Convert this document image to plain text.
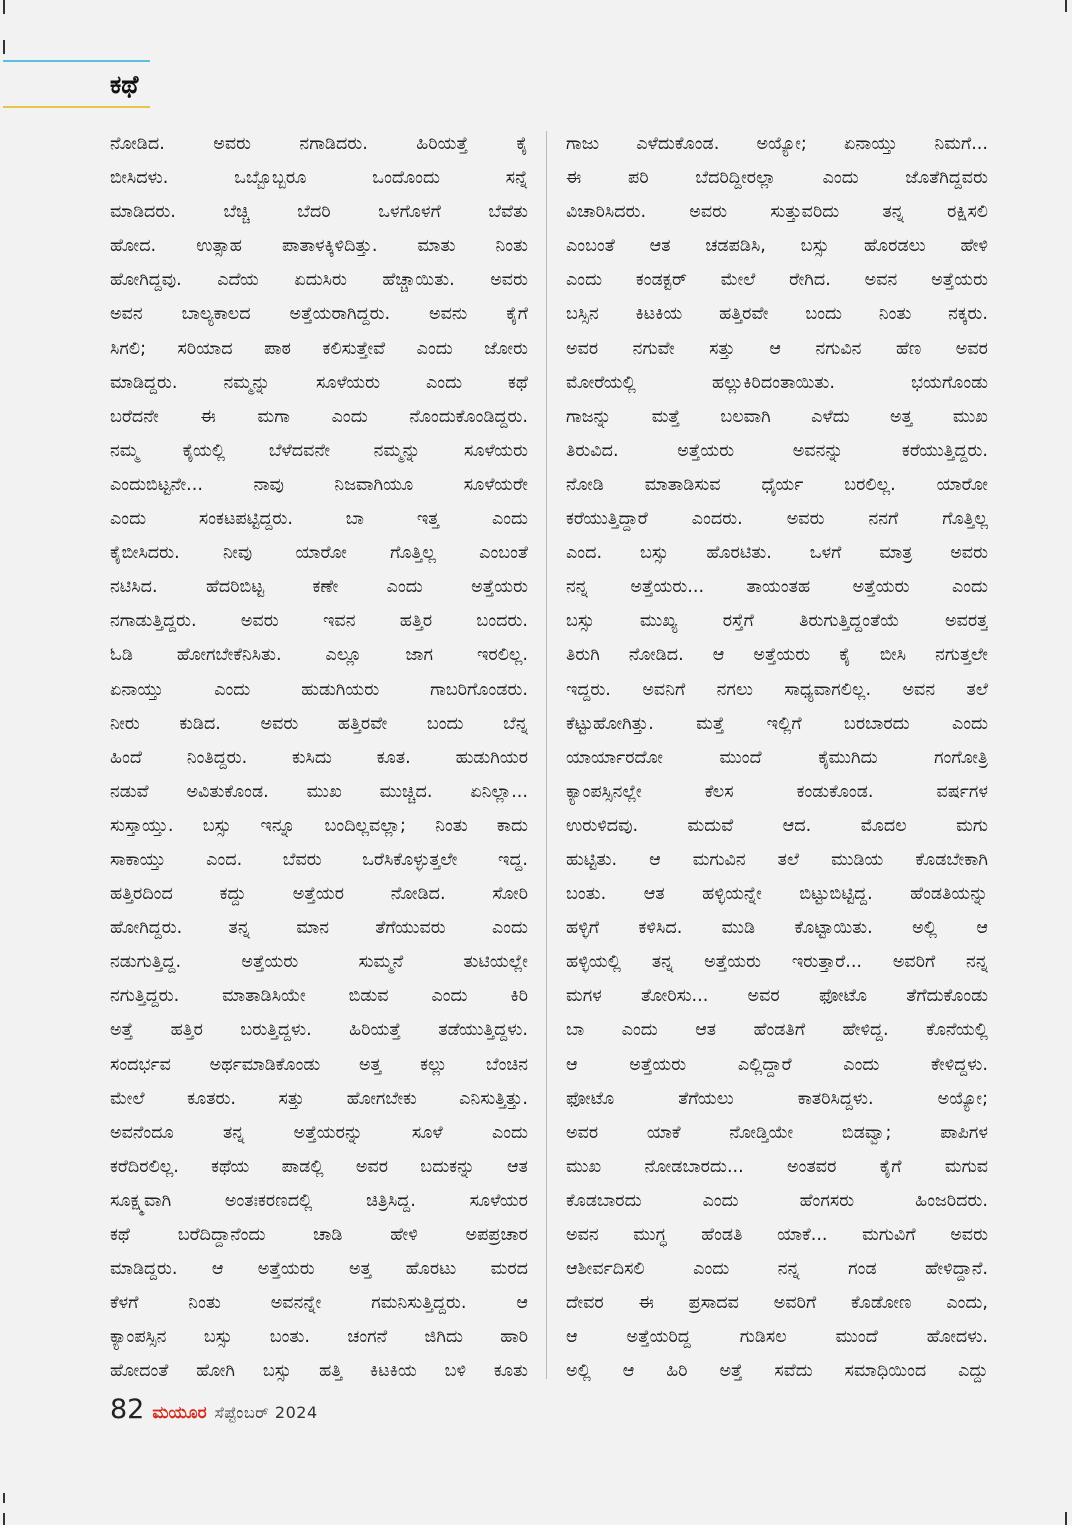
ಕಥೆ
ನೋಡಿದ. ಅವರು ನಗಾಡಿದರು. ಹಿರಿಯತ್ತೆ ಕೈ
ಬೀಸಿದಳು. ಒಬ್ಬೊಬ್ಬರೂ ಒಂದೊಂದು ಸನ್ನೆ
ಮಾಡಿದರು. ಬೆಚ್ಚಿ ಬೆದರಿ ಒಳಗೊಳಗೆ ಬೆವೆತು
ಹೋದ. ಉತ್ಸಾಹ ಪಾತಾಳಕ್ಕಿಳಿದಿತ್ತು. ಮಾತು ನಿಂತು
ಹೋಗಿದ್ದವು. ಎದೆಯ ಏದುಸಿರು ಹೆಚ್ಚಾಯಿತು. ಅವರು
ಅವನ ಬಾಲ್ಯಕಾಲದ ಅತ್ತೆಯರಾಗಿದ್ದರು. ಅವನು ಕೈಗೆ
ಸಿಗಲಿ; ಸರಿಯಾದ ಪಾಠ ಕಲಿಸುತ್ತೇವೆ ಎಂದು ಜೋರು
ಮಾಡಿದ್ದರು. ನಮ್ಮನ್ನು ಸೂಳೆಯರು ಎಂದು ಕಥೆ
ಬರೆದನೇ ಈ ಮಗಾ ಎಂದು ನೊಂದುಕೊಂಡಿದ್ದರು.
ನಮ್ಮ ಕೈಯಲ್ಲಿ ಬೆಳೆದವನೇ ನಮ್ಮನ್ನು ಸೂಳೆಯರು
ಎಂದುಬಿಟ್ಟನೇ... ನಾವು ನಿಜವಾಗಿಯೂ ಸೂಳೆಯರೇ
ಎಂದು ಸಂಕಟಪಟ್ಟಿದ್ದರು. ಬಾ ಇತ್ತ ಎಂದು
ಕೈಬೀಸಿದರು. ನೀವು ಯಾರೋ ಗೊತ್ತಿಲ್ಲ ಎಂಬಂತೆ
ನಟಿಸಿದ. ಹೆದರಿಬಿಟ್ಟ ಕಣೇ ಎಂದು ಅತ್ತೆಯರು
ನಗಾಡುತ್ತಿದ್ದರು. ಅವರು ಇವನ ಹತ್ತಿರ ಬಂದರು.
ಓಡಿ ಹೋಗಬೇಕೆನಿಸಿತು. ಎಲ್ಲೂ ಜಾಗ ಇರಲಿಲ್ಲ.
ಏನಾಯ್ತು ಎಂದು ಹುಡುಗಿಯರು ಗಾಬರಿಗೊಂಡರು.
ನೀರು ಕುಡಿದ. ಅವರು ಹತ್ತಿರವೇ ಬಂದು ಬೆನ್ನ
ಹಿಂದೆ ನಿಂತಿದ್ದರು. ಕುಸಿದು ಕೂತ. ಹುಡುಗಿಯರ
ನಡುವೆ ಅವಿತುಕೊಂಡ. ಮುಖ ಮುಚ್ಚಿದ. ಏನಿಲ್ಲಾ...
ಸುಸ್ತಾಯ್ತು. ಬಸ್ಸು ಇನ್ನೂ ಬಂದಿಲ್ಲವಲ್ಲಾ; ನಿಂತು ಕಾದು
ಸಾಕಾಯ್ತು ಎಂದ. ಬೆವರು ಒರೆಸಿಕೊಳ್ಳುತ್ತಲೇ ಇದ್ದ.
ಹತ್ತಿರದಿಂದ ಕದ್ದು ಅತ್ತೆಯರ ನೋಡಿದ. ಸೋರಿ
ಹೋಗಿದ್ದರು. ತನ್ನ ಮಾನ ತೆಗೆಯುವರು ಎಂದು
ನಡುಗುತ್ತಿದ್ದ. ಅತ್ತೆಯರು ಸುಮ್ಮನೆ ತುಟಿಯಲ್ಲೇ
ನಗುತ್ತಿದ್ದರು. ಮಾತಾಡಿಸಿಯೇ ಬಿಡುವ ಎಂದು ಕಿರಿ
ಅತ್ತೆ ಹತ್ತಿರ ಬರುತ್ತಿದ್ದಳು. ಹಿರಿಯತ್ತೆ ತಡೆಯುತ್ತಿದ್ದಳು.
ಸಂದರ್ಭವ ಅರ್ಥಮಾಡಿಕೊಂಡು ಅತ್ತ ಕಲ್ಲು ಬೆಂಚಿನ
ಮೇಲೆ ಕೂತರು. ಸತ್ತು ಹೋಗಬೇಕು ಎನಿಸುತ್ತಿತ್ತು.
ಅವನೆಂದೂ ತನ್ನ ಅತ್ತೆಯರನ್ನು ಸೂಳೆ ಎಂದು
ಕರೆದಿರಲಿಲ್ಲ. ಕಥೆಯ ಪಾಡಲ್ಲಿ ಅವರ ಬದುಕನ್ನು ಆತ
ಸೂಕ್ಷ್ಮವಾಗಿ ಅಂತಃಕರಣದಲ್ಲಿ ಚಿತ್ರಿಸಿದ್ದ. ಸೂಳೆಯರ
ಕಥೆ ಬರೆದಿದ್ದಾನೆಂದು ಚಾಡಿ ಹೇಳಿ ಅಪಪ್ರಚಾರ
ಮಾಡಿದ್ದರು. ಆ ಅತ್ತೆಯರು ಅತ್ತ ಹೊರಟು ಮರದ
ಕೆಳಗೆ ನಿಂತು ಅವನನ್ನೇ ಗಮನಿಸುತ್ತಿದ್ದರು. ಆ
ಕ್ಯಾಂಪಸ್ಸಿನ ಬಸ್ಸು ಬಂತು. ಚಂಗನೆ ಜಿಗಿದು ಹಾರಿ
ಹೋದಂತೆ ಹೋಗಿ ಬಸ್ಸು ಹತ್ತಿ ಕಿಟಕಿಯ ಬಳಿ ಕೂತು
ಗಾಜು ಎಳೆದುಕೊಂಡ. ಅಯ್ಯೋ; ಏನಾಯ್ತು ನಿಮಗೆ...
ಈ ಪರಿ ಬೆದರಿದ್ದೀರಲ್ಲಾ ಎಂದು ಜೊತೆಗಿದ್ದವರು
ವಿಚಾರಿಸಿದರು. ಅವರು ಸುತ್ತುವರಿದು ತನ್ನ ರಕ್ಷಿಸಲಿ
ಎಂಬಂತೆ ಆತ ಚಡಪಡಿಸಿ, ಬಸ್ಸು ಹೊರಡಲು ಹೇಳಿ
ಎಂದು ಕಂಡಕ್ಟರ್ ಮೇಲೆ ರೇಗಿದ. ಅವನ ಅತ್ತೆಯರು
ಬಸ್ಸಿನ ಕಿಟಕಿಯ ಹತ್ತಿರವೇ ಬಂದು ನಿಂತು ನಕ್ಕರು.
ಅವರ ನಗುವೇ ಸತ್ತು ಆ ನಗುವಿನ ಹೆಣ ಅವರ
ಮೋರೆಯಲ್ಲಿ ಹಲ್ಲುಕಿರಿದಂತಾಯಿತು. ಭಯಗೊಂಡು
ಗಾಜನ್ನು ಮತ್ತೆ ಬಲವಾಗಿ ಎಳೆದು ಅತ್ತ ಮುಖ
ತಿರುವಿದ. ಅತ್ತೆಯರು ಅವನನ್ನು ಕರೆಯುತ್ತಿದ್ದರು.
ನೋಡಿ ಮಾತಾಡಿಸುವ ಧೈರ್ಯ ಬರಲಿಲ್ಲ. ಯಾರೋ
ಕರೆಯುತ್ತಿದ್ದಾರೆ ಎಂದರು. ಅವರು ನನಗೆ ಗೊತ್ತಿಲ್ಲ
ಎಂದ. ಬಸ್ಸು ಹೊರಟಿತು. ಒಳಗೆ ಮಾತ್ರ ಅವರು
ನನ್ನ ಅತ್ತೆಯರು... ತಾಯಂತಹ ಅತ್ತೆಯರು ಎಂದು
ಬಸ್ಸು ಮುಖ್ಯ ರಸ್ತೆಗೆ ತಿರುಗುತ್ತಿದ್ದಂತೆಯೆ ಅವರತ್ತ
ತಿರುಗಿ ನೋಡಿದ. ಆ ಅತ್ತೆಯರು ಕೈ ಬೀಸಿ ನಗುತ್ತಲೇ
ಇದ್ದರು. ಅವನಿಗೆ ನಗಲು ಸಾಧ್ಯವಾಗಲಿಲ್ಲ. ಅವನ ತಲೆ
ಕೆಟ್ಟುಹೋಗಿತ್ತು. ಮತ್ತೆ ಇಲ್ಲಿಗೆ ಬರಬಾರದು ಎಂದು
ಯಾರ್ಯಾರದೋ ಮುಂದೆ ಕೈಮುಗಿದು ಗಂಗೋತ್ರಿ
ಕ್ಯಾಂಪಸ್ಸಿನಲ್ಲೇ ಕೆಲಸ ಕಂಡುಕೊಂಡ. ವರ್ಷಗಳ
ಉರುಳಿದವು. ಮದುವೆ ಆದ. ಮೊದಲ ಮಗು
ಹುಟ್ಟಿತು. ಆ ಮಗುವಿನ ತಲೆ ಮುಡಿಯ ಕೊಡಬೇಕಾಗಿ
ಬಂತು. ಆತ ಹಳ್ಳಿಯನ್ನೇ ಬಿಟ್ಟುಬಿಟ್ಟಿದ್ದ. ಹೆಂಡತಿಯನ್ನು
ಹಳ್ಳಿಗೆ ಕಳಿಸಿದ. ಮುಡಿ ಕೊಟ್ಟಾಯಿತು. ಅಲ್ಲಿ ಆ
ಹಳ್ಳಿಯಲ್ಲಿ ತನ್ನ ಅತ್ತೆಯರು ಇರುತ್ತಾರೆ... ಅವರಿಗೆ ನನ್ನ
ಮಗಳ ತೋರಿಸು... ಅವರ ಫೋಟೊ ತೆಗೆದುಕೊಂಡು
ಬಾ ಎಂದು ಆತ ಹೆಂಡತಿಗೆ ಹೇಳಿದ್ದ. ಕೊನೆಯಲ್ಲಿ
ಆ ಅತ್ತೆಯರು ಎಲ್ಲಿದ್ದಾರೆ ಎಂದು ಕೇಳಿದ್ದಳು.
ಫೋಟೊ ತೆಗೆಯಲು ಕಾತರಿಸಿದ್ದಳು. ಅಯ್ಯೋ;
ಅವರ ಯಾಕೆ ನೋಡ್ತಿಯೇ ಬಿಡವ್ವಾ; ಪಾಪಿಗಳ
ಮುಖ ನೋಡಬಾರದು... ಅಂತವರ ಕೈಗೆ ಮಗುವ
ಕೊಡಬಾರದು ಎಂದು ಹೆಂಗಸರು ಹಿಂಜರಿದರು.
ಅವನ ಮುಗ್ಧ ಹೆಂಡತಿ ಯಾಕೆ... ಮಗುವಿಗೆ ಅವರು
ಆಶೀರ್ವದಿಸಲಿ ಎಂದು ನನ್ನ ಗಂಡ ಹೇಳಿದ್ದಾನೆ.
ದೇವರ ಈ ಪ್ರಸಾದವ ಅವರಿಗೆ ಕೊಡೋಣ ಎಂದು,
ಆ ಅತ್ತೆಯರಿದ್ದ ಗುಡಿಸಲ ಮುಂದೆ ಹೋದಳು.
ಅಲ್ಲಿ ಆ ಹಿರಿ ಅತ್ತೆ ಸವೆದು ಸಮಾಧಿಯಿಂದ ಎದ್ದು
82 ಮಯೂರ ಸೆಪ್ಟೆಂಬರ್ 2024
